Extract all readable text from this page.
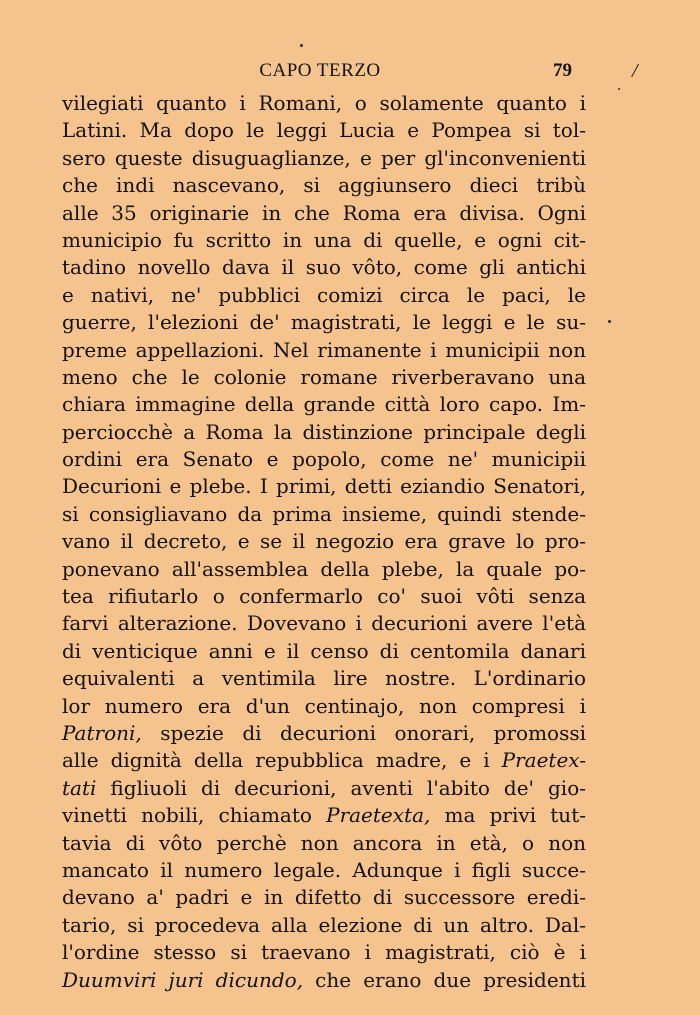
CAPO TERZO	79	/
vilegiati quanto i Romani, o solamente quanto i
Latini. Ma dopo le leggi Lucia e Pompea si tol-
sero queste disuguaglianze, e per gl'inconvenienti
che indi nascevano, si aggiunsero dieci tribù
alle 35 originarie in che Roma era divisa. Ogni
municipio fu scritto in una di quelle, e ogni cit-
tadino novello dava il suo vôto, come gli antichi
e nativi, ne' pubblici comizi circa le paci, le
guerre, l'elezioni de' magistrati, le leggi e le su-
preme appellazioni. Nel rimanente i municipii non
meno che le colonie romane riverberavano una
chiara immagine della grande città loro capo. Im-
perciocchè a Roma la distinzione principale degli
ordini era Senato e popolo, come ne' municipii
Decurioni e plebe. I primi, detti eziandio Senatori,
si consigliavano da prima insieme, quindi stende-
vano il decreto, e se il negozio era grave lo pro-
ponevano all'assemblea della plebe, la quale po-
tea rifiutarlo o confermarlo co' suoi vôti senza
farvi alterazione. Dovevano i decurioni avere l'età
di venticique anni e il censo di centomila danari
equivalenti a ventimila lire nostre. L'ordinario
lor numero era d'un centinajo, non compresi i
Patroni, spezie di decurioni onorari, promossi
alle dignità della repubblica madre, e i Praetex-
tati figliuoli di decurioni, aventi l'abito de' gio-
vinetti nobili, chiamato Praetexta, ma privi tut-
tavia di vôto perchè non ancora in età, o non
mancato il numero legale. Adunque i figli succe-
devano a' padri e in difetto di successore eredi-
tario, si procedeva alla elezione di un altro. Dal-
l'ordine stesso si traevano i magistrati, ciò è i
Duumviri juri dicundo, che erano due presidenti
